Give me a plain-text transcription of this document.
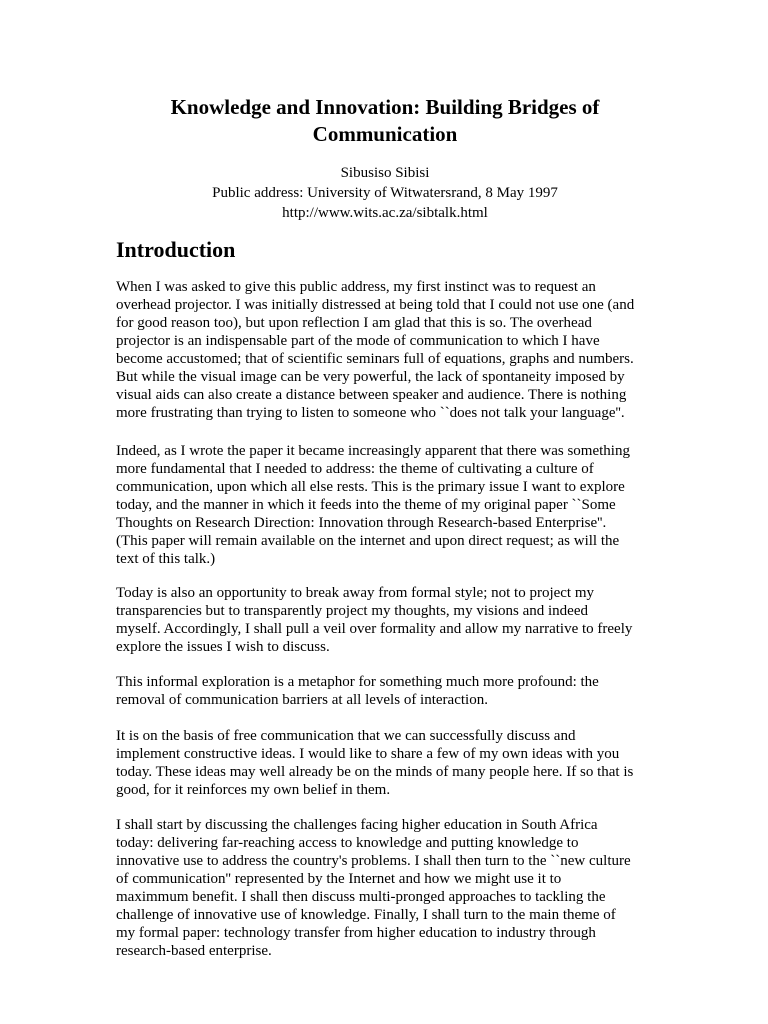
Knowledge and Innovation: Building Bridges of
Communication
Sibusiso Sibisi
Public address: University of Witwatersrand, 8 May 1997
http://www.wits.ac.za/sibtalk.html
Introduction

When I was asked to give this public address, my first instinct was to request an
overhead projector. I was initially distressed at being told that I could not use one (and
for good reason too), but upon reflection I am glad that this is so. The overhead
projector is an indispensable part of the mode of communication to which I have
become accustomed; that of scientific seminars full of equations, graphs and numbers.
But while the visual image can be very powerful, the lack of spontaneity imposed by
visual aids can also create a distance between speaker and audience. There is nothing
more frustrating than trying to listen to someone who ``does not talk your language''.

Indeed, as I wrote the paper it became increasingly apparent that there was something
more fundamental that I needed to address: the theme of cultivating a culture of
communication, upon which all else rests. This is the primary issue I want to explore
today, and the manner in which it feeds into the theme of my original paper ``Some
Thoughts on Research Direction: Innovation through Research-based Enterprise''.
(This paper will remain available on the internet and upon direct request; as will the
text of this talk.)

Today is also an opportunity to break away from formal style; not to project my
transparencies but to transparently project my thoughts, my visions and indeed
myself. Accordingly, I shall pull a veil over formality and allow my narrative to freely
explore the issues I wish to discuss.

This informal exploration is a metaphor for something much more profound: the
removal of communication barriers at all levels of interaction.

It is on the basis of free communication that we can successfully discuss and
implement constructive ideas. I would like to share a few of my own ideas with you
today. These ideas may well already be on the minds of many people here. If so that is
good, for it reinforces my own belief in them.

I shall start by discussing the challenges facing higher education in South Africa
today: delivering far-reaching access to knowledge and putting knowledge to
innovative use to address the country's problems. I shall then turn to the ``new culture
of communication'' represented by the Internet and how we might use it to
maximmum benefit. I shall then discuss multi-pronged approaches to tackling the
challenge of innovative use of knowledge. Finally, I shall turn to the main theme of
my formal paper: technology transfer from higher education to industry through
research-based enterprise.
